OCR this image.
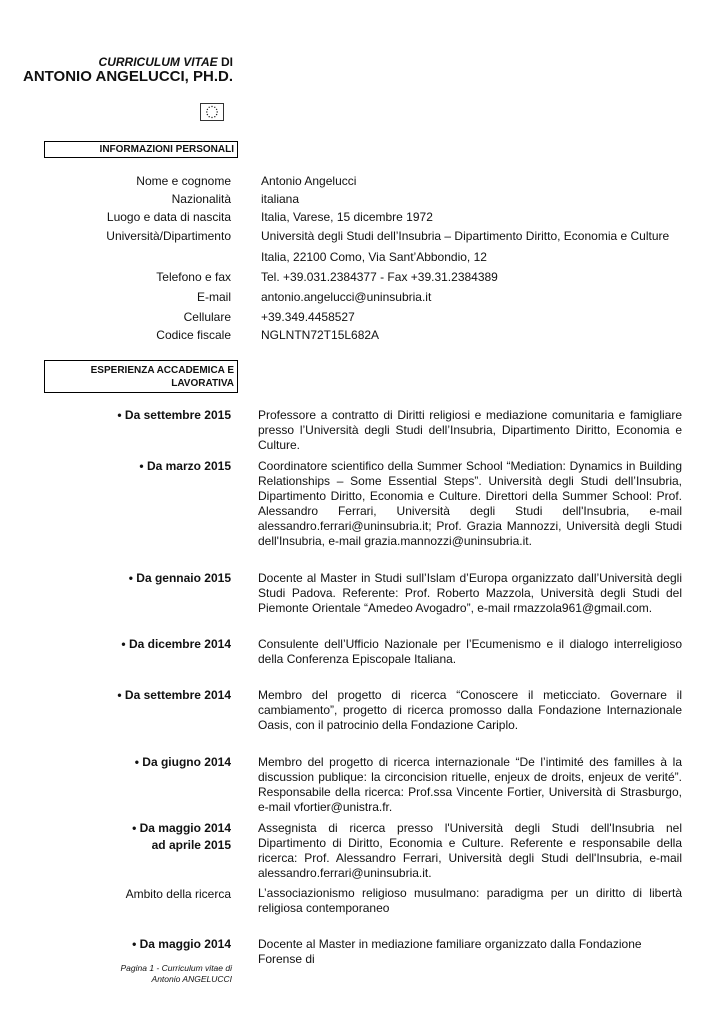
CURRICULUM VITAE DI
ANTONIO ANGELUCCI, PH.D.
INFORMAZIONI PERSONALI
Nome e cognome	Antonio Angelucci
Nazionalità	italiana
Luogo e data di nascita	Italia, Varese, 15 dicembre 1972
Università/Dipartimento	Università degli Studi dell’Insubria – Dipartimento Diritto, Economia e Culture
Italia, 22100 Como, Via Sant’Abbondio, 12
Telefono e fax	Tel. +39.031.2384377 - Fax +39.31.2384389
E-mail	antonio.angelucci@uninsubria.it
Cellulare	+39.349.4458527
Codice fiscale	NGLNTN72T15L682A
ESPERIENZA ACCADEMICA E
LAVORATIVA
• Da settembre 2015 Professore a contratto di Diritti religiosi e mediazione comunitaria e famigliare presso l’Università degli Studi dell’Insubria, Dipartimento Diritto, Economia e Culture.
• Da marzo 2015 Coordinatore scientifico della Summer School “Mediation: Dynamics in Building Relationships – Some Essential Steps”. Università degli Studi dell’Insubria, Dipartimento Diritto, Economia e Culture. Direttori della Summer School: Prof. Alessandro Ferrari, Università degli Studi dell'Insubria, e-mail alessandro.ferrari@uninsubria.it; Prof. Grazia Mannozzi, Università degli Studi dell'Insubria, e-mail grazia.mannozzi@uninsubria.it.
• Da gennaio 2015 Docente al Master in Studi sull’Islam d’Europa organizzato dall’Università degli Studi Padova. Referente: Prof. Roberto Mazzola, Università degli Studi del Piemonte Orientale “Amedeo Avogadro”, e-mail rmazzola961@gmail.com.
• Da dicembre 2014 Consulente dell’Ufficio Nazionale per l’Ecumenismo e il dialogo interreligioso della Conferenza Episcopale Italiana.
• Da settembre 2014 Membro del progetto di ricerca “Conoscere il meticciato. Governare il cambiamento”, progetto di ricerca promosso dalla Fondazione Internazionale Oasis, con il patrocinio della Fondazione Cariplo.
• Da giugno 2014 Membro del progetto di ricerca internazionale “De l’intimité des familles à la discussion publique: la circoncision rituelle, enjeux de droits, enjeux de verité”. Responsabile della ricerca: Prof.ssa Vincente Fortier, Università di Strasburgo, e-mail vfortier@unistra.fr.
• Da maggio 2014
ad aprile 2015
Assegnista di ricerca presso l'Università degli Studi dell'Insubria nel Dipartimento di Diritto, Economia e Culture. Referente e responsabile della ricerca: Prof. Alessandro Ferrari, Università degli Studi dell'Insubria, e-mail alessandro.ferrari@uninsubria.it.
Ambito della ricerca L’associazionismo religioso musulmano: paradigma per un diritto di libertà religiosa contemporaneo
• Da maggio 2014 Docente al Master in mediazione familiare organizzato dalla Fondazione Forense di
Pagina 1 - Curriculum vitae di
Antonio ANGELUCCI
